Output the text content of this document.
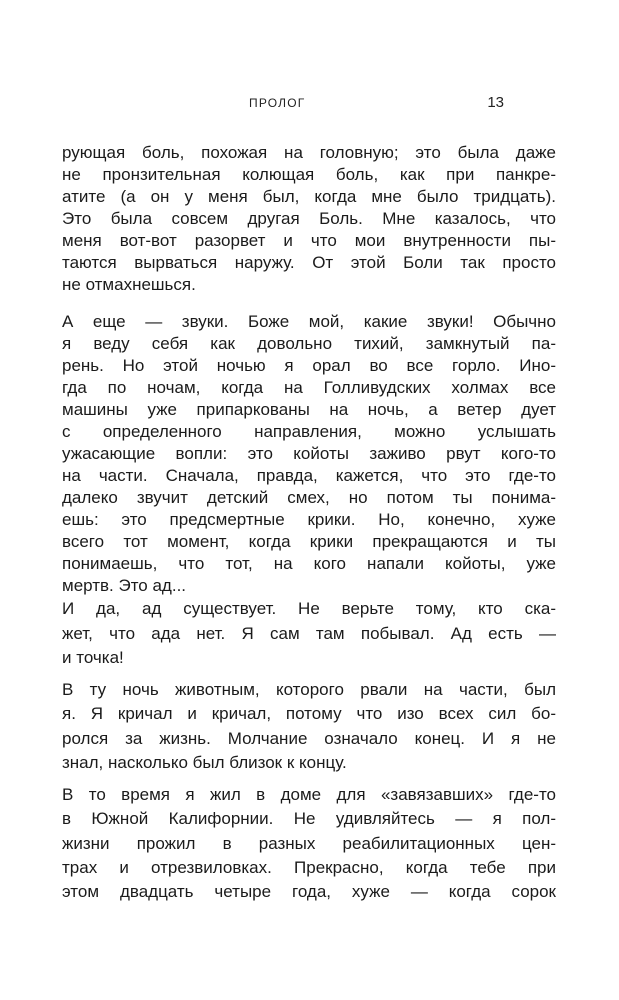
ПРОЛОГ	13
рующая боль, похожая на головную; это была даже
не пронзительная колющая боль, как при панкре-
атите (а он у меня был, когда мне было тридцать).
Это была совсем другая Боль. Мне казалось, что
меня вот-вот разорвет и что мои внутренности пы-
таются вырваться наружу. От этой Боли так просто
не отмахнешься.
А еще — звуки. Боже мой, какие звуки! Обычно
я веду себя как довольно тихий, замкнутый па-
рень. Но этой ночью я орал во все горло. Ино-
гда по ночам, когда на Голливудских холмах все
машины уже припаркованы на ночь, а ветер дует
с определенного направления, можно услышать
ужасающие вопли: это койоты заживо рвут кого-то
на части. Сначала, правда, кажется, что это где-то
далеко звучит детский смех, но потом ты понима-
ешь: это предсмертные крики. Но, конечно, хуже
всего тот момент, когда крики прекращаются и ты
понимаешь, что тот, на кого напали койоты, уже
мертв. Это ад...
И да, ад существует. Не верьте тому, кто ска-
жет, что ада нет. Я сам там побывал. Ад есть —
и точка!
В ту ночь животным, которого рвали на части, был
я. Я кричал и кричал, потому что изо всех сил бо-
ролся за жизнь. Молчание означало конец. И я не
знал, насколько был близок к концу.
В то время я жил в доме для «завязавших» где-то
в Южной Калифорнии. Не удивляйтесь — я пол-
жизни прожил в разных реабилитационных цен-
трах и отрезвиловках. Прекрасно, когда тебе при
этом двадцать четыре года, хуже — когда сорок
